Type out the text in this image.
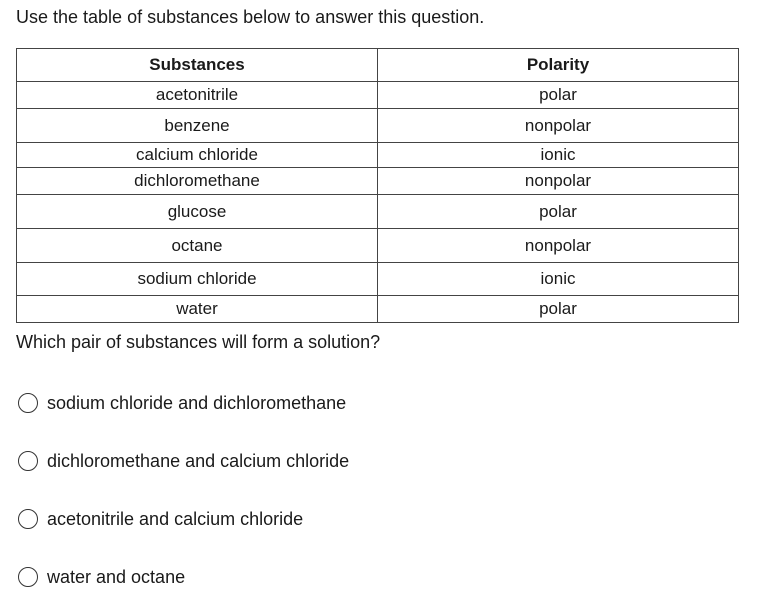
Use the table of substances below to answer this question.
Substances	Polarity
acetonitrile	polar
benzene	nonpolar
calcium chloride	ionic
dichloromethane	nonpolar
glucose	polar
octane	nonpolar
sodium chloride	ionic
water	polar
Which pair of substances will form a solution?
sodium chloride and dichloromethane
dichloromethane and calcium chloride
acetonitrile and calcium chloride
water and octane
